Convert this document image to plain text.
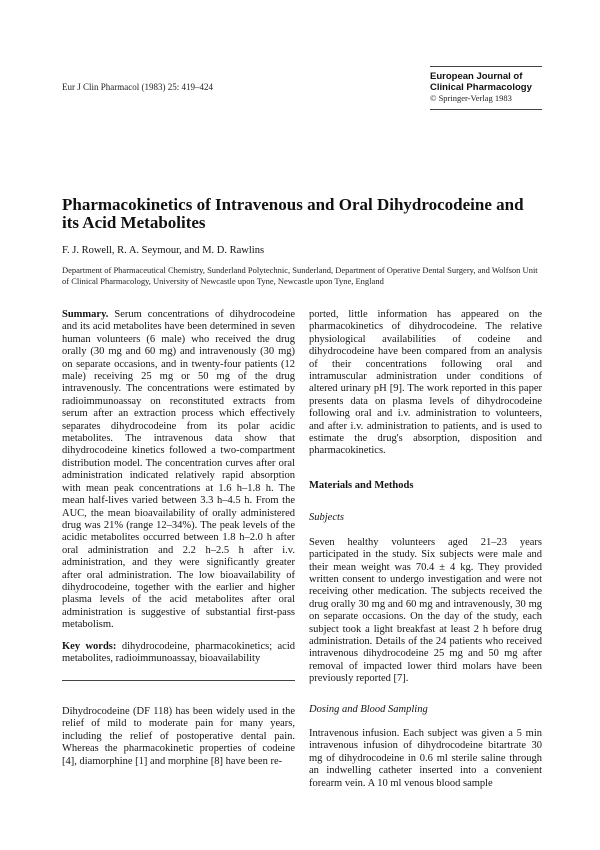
Eur J Clin Pharmacol (1983) 25: 419–424
European Journal of
Clinical Pharmacology
© Springer-Verlag 1983
Pharmacokinetics of Intravenous and Oral Dihydrocodeine and its Acid Metabolites
F. J. Rowell, R. A. Seymour, and M. D. Rawlins
Department of Pharmaceutical Chemistry, Sunderland Polytechnic, Sunderland, Department of Operative Dental Surgery, and Wolfson Unit of Clinical Pharmacology, University of Newcastle upon Tyne, Newcastle upon Tyne, England

Summary. Serum concentrations of dihydrocodeine and its acid metabolites have been determined in seven human volunteers (6 male) who received the drug orally (30 mg and 60 mg) and intravenously (30 mg) on separate occasions, and in twenty-four patients (12 male) receiving 25 mg or 50 mg of the drug intravenously. The concentrations were estimated by radioimmunoassay on reconstituted extracts from serum after an extraction process which effectively separates dihydrocodeine from its polar acidic metabolites. The intravenous data show that dihydrocodeine kinetics followed a two-compartment distribution model. The concentration curves after oral administration indicated relatively rapid absorption with mean peak concentrations at 1.6 h–1.8 h. The mean half-lives varied between 3.3 h–4.5 h. From the AUC, the mean bioavailability of orally administered drug was 21% (range 12–34%). The peak levels of the acidic metabolites occurred between 1.8 h–2.0 h after oral administration and 2.2 h–2.5 h after i.v. administration, and they were significantly greater after oral administration. The low bioavailability of dihydrocodeine, together with the earlier and higher plasma levels of the acid metabolites after oral administration is suggestive of substantial first-pass metabolism.

Key words: dihydrocodeine, pharmacokinetics; acid metabolites, radioimmunoassay, bioavailability

Dihydrocodeine (DF 118) has been widely used in the relief of mild to moderate pain for many years, including the relief of postoperative dental pain. Whereas the pharmacokinetic properties of codeine [4], diamorphine [1] and morphine [8] have been re-

ported, little information has appeared on the pharmacokinetics of dihydrocodeine. The relative physiological availabilities of codeine and dihydrocodeine have been compared from an analysis of their concentrations following oral and intramuscular administration under conditions of altered urinary pH [9]. The work reported in this paper presents data on plasma levels of dihydrocodeine following oral and i.v. administration to volunteers, and after i.v. administration to patients, and is used to estimate the drug's absorption, disposition and pharmacokinetics.

Materials and Methods
Subjects

Seven healthy volunteers aged 21–23 years participated in the study. Six subjects were male and their mean weight was 70.4 ± 4 kg. They provided written consent to undergo investigation and were not receiving other medication. The subjects received the drug orally 30 mg and 60 mg and intravenously, 30 mg on separate occasions. On the day of the study, each subject took a light breakfast at least 2 h before drug administration. Details of the 24 patients who received intravenous dihydrocodeine 25 mg and 50 mg after removal of impacted lower third molars have been previously reported [7].

Dosing and Blood Sampling

Intravenous infusion. Each subject was given a 5 min intravenous infusion of dihydrocodeine bitartrate 30 mg of dihydrocodeine in 0.6 ml sterile saline through an indwelling catheter inserted into a convenient forearm vein. A 10 ml venous blood sample
